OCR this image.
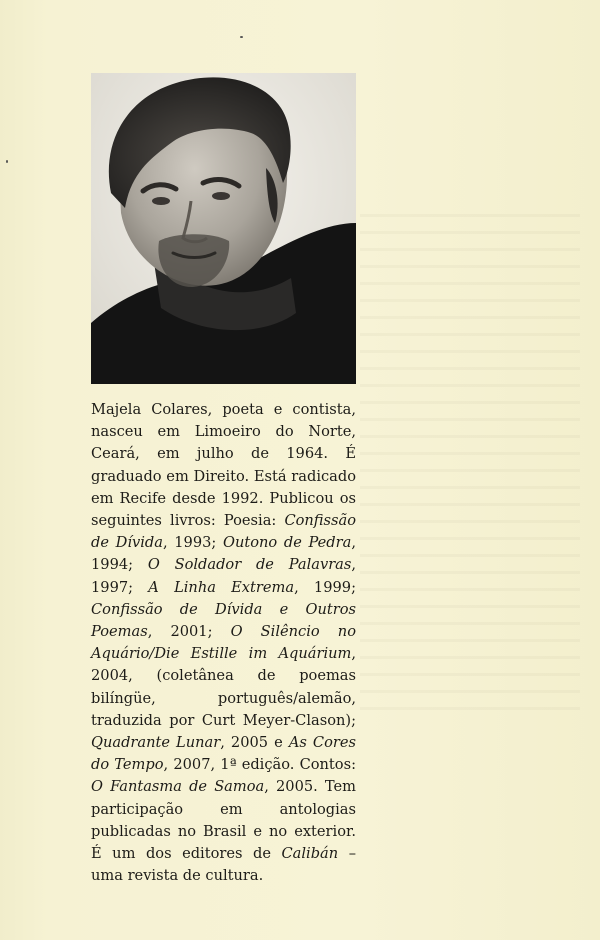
Majela Colares, poeta e contista, nasceu em Limoeiro do Norte, Ceará, em julho de 1964. É graduado em Direito. Está radicado em Recife desde 1992. Publicou os seguintes livros: Poesia: Confissão de Dívida, 1993; Outono de Pedra, 1994; O Soldador de Palavras, 1997; A Linha Extrema, 1999; Confissão de Dívida e Outros Poemas, 2001; O Silêncio no Aquário/Die Estille im Aquárium, 2004, (coletânea de poemas bilíngüe, português/alemão, traduzida por Curt Meyer-Clason); Quadrante Lunar, 2005 e As Cores do Tempo, 2007, 1ª edição. Contos: O Fantasma de Samoa, 2005. Tem participação em antologias publicadas no Brasil e no exterior. É um dos editores de Calibán – uma revista de cultura.
